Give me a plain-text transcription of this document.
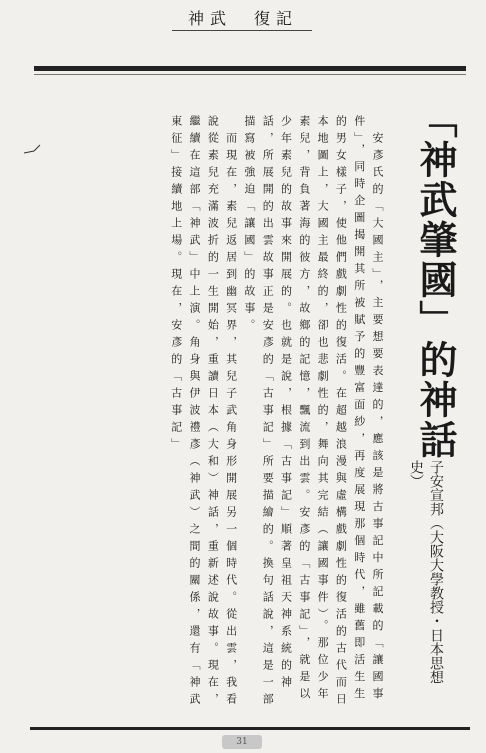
神武　復記
「神武肇國」的神話
子安宣邦（大阪大學教授・日本思想史）

　安彥氏的「大國主」，主要想要表達的，應該是將古事記中所記載的「讓國事件」，同時企圖揭開其所被賦予的豐富面紗，再度展現那個時代，雖舊即活生生的男女樣子，使他們戲劇性的復活。在超越浪漫與虛構戲劇性的復活的古代而日本地圖上，大國主最終的，卻也悲劇性的，舞向其完結（讓國事件）。那位少年素兒，背負著海的彼方，故鄉的記憶，飄流到出雲。安彥的「古事記」，就是以少年素兒的故事來開展的。也就是說，根據「古事記」順著皇祖天神系統的神話，所展開的出雲故事正是安彥的「古事記」所要描繪的。換句話說，這是一部描寫被強迫「讓國」的故事。

　而現在，素兒返居到幽冥界，其兒子武角身形開展另一個時代。從出雲，我看說從素兒充滿波折的一生開始，重讀日本（大和）神話，重新述說故事。現在，繼續在這部「神武」中上演。角身與伊波禮彥（神武）之間的關係，還有「神武東征」接續地上場。現在，安彥的「古事記」

31
